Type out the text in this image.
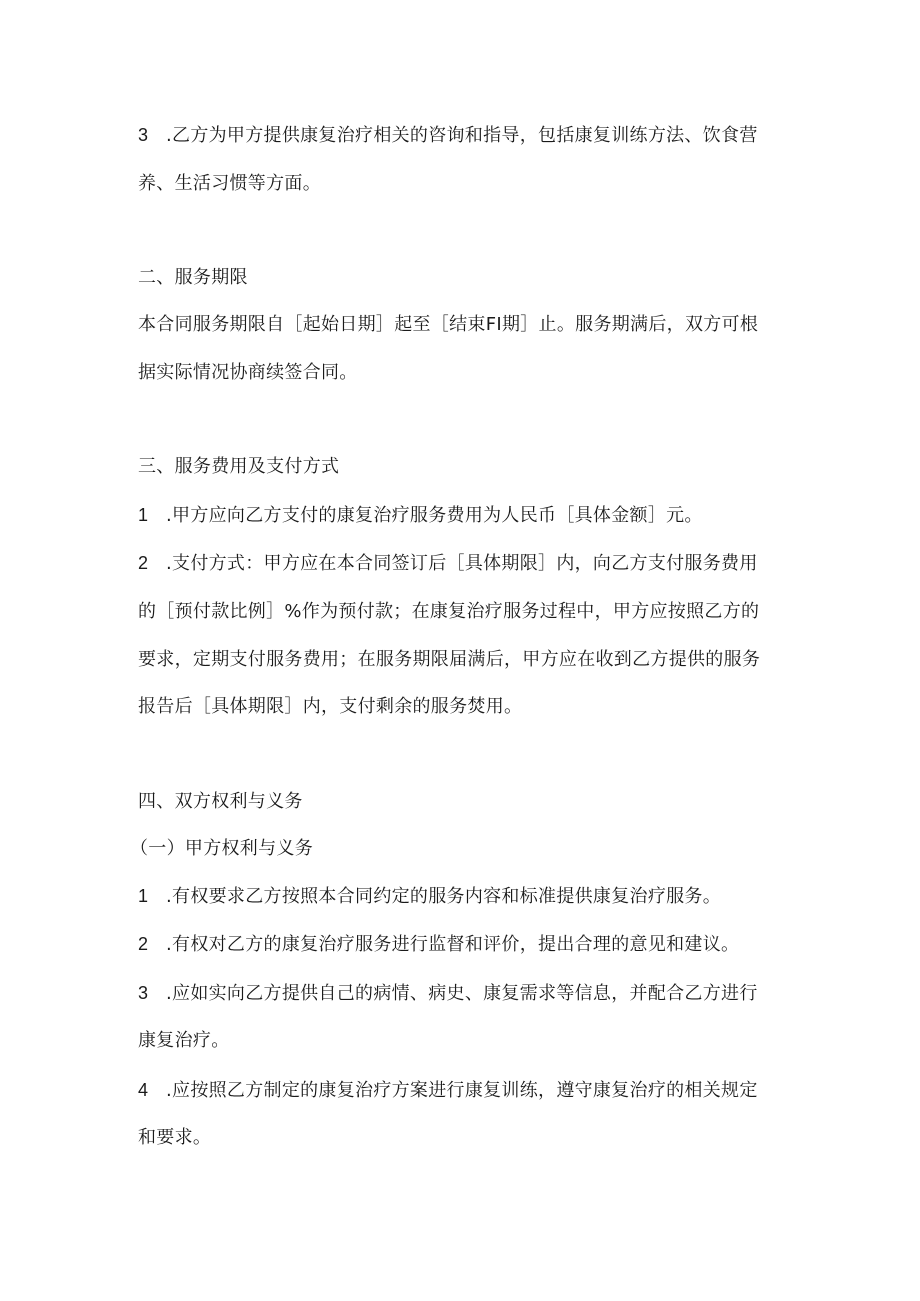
3 .乙方为甲方提供康复治疗相关的咨询和指导，包括康复训练方法、饮食营
养、生活习惯等方面。
二、服务期限
本合同服务期限自［起始日期］起至［结束FI期］止。服务期满后，双方可根
据实际情况协商续签合同。
三、服务费用及支付方式
1 .甲方应向乙方支付的康复治疗服务费用为人民币［具体金额］元。
2 .支付方式：甲方应在本合同签订后［具体期限］内，向乙方支付服务费用
的［预付款比例］%作为预付款；在康复治疗服务过程中，甲方应按照乙方的
要求，定期支付服务费用；在服务期限届满后，甲方应在收到乙方提供的服务
报告后［具体期限］内，支付剩余的服务焚用。
四、双方权利与义务
（一）甲方权利与义务
1 .有权要求乙方按照本合同约定的服务内容和标准提供康复治疗服务。
2 .有权对乙方的康复治疗服务进行监督和评价，提出合理的意见和建议。
3 .应如实向乙方提供自己的病情、病史、康复需求等信息，并配合乙方进行
康复治疗。
4 .应按照乙方制定的康复治疗方案进行康复训练，遵守康复治疗的相关规定
和要求。
